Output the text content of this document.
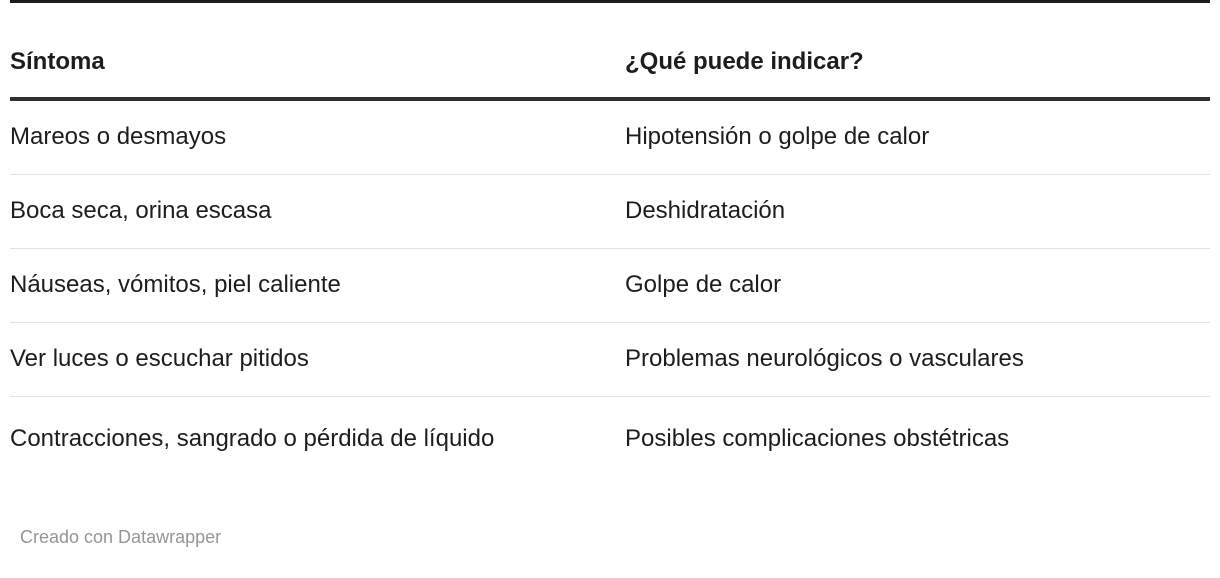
Síntoma	¿Qué puede indicar?
Mareos o desmayos	Hipotensión o golpe de calor
Boca seca, orina escasa	Deshidratación
Náuseas, vómitos, piel caliente	Golpe de calor
Ver luces o escuchar pitidos	Problemas neurológicos o vasculares
Contracciones, sangrado o pérdida de líquido	Posibles complicaciones obstétricas
Creado con Datawrapper
